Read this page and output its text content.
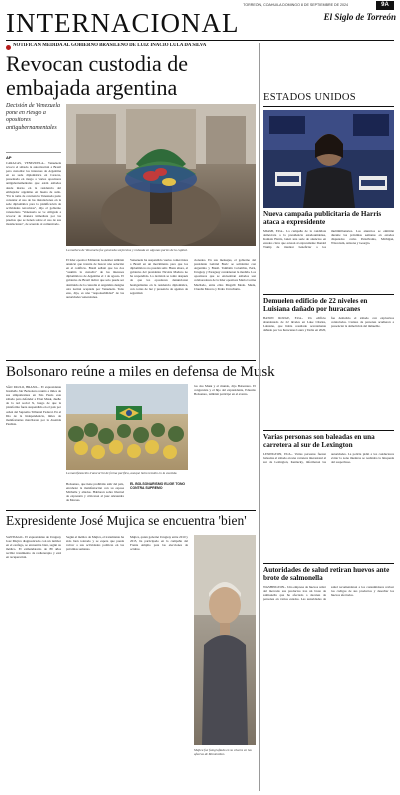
TORREÓN, COAHUILA DOMINGO 8 DE SEPTIEMBRE DE 2024	9A
INTERNACIONAL	El Siglo de Torreón
NOTIFICAN MEDIDA AL GOBIERNO BRASILEÑO DE LUIZ INACIO LULA DA SILVA
Revocan custodia de
embajada argentina
Decisión de Venezuela pone en riesgo a opositores antigubernamentales
AP
CARACAS, VENEZUELA.- Venezuela revocó el sábado la autorización a Brasil para custodiar los intereses de Argentina en su sede diplomática en Caracas, presentada en riesgo a varios opositores antigubernamentales que están asilados desde marzo en la residencia del embajador argentino en buena de asilo. "En la toma de conciencia Venezuela pudo constatar el uso de las instalaciones en la sede diplomática para la planificación de actividades terroristas", dijo el gobierno venezolano "Venezuela se ve obligada a revocar de manera inmediata por las pruebas que se tienen sobre el uso de sus instalaciones", de acuerdo al comunicado.
La muñeca de Venezuela fue generada sorpresiva y rodeada en algunas partes de la capital.
El líder opositor Edmundo González también anunció que trataría de buscar una solución en el conflicto. Brasil señaló que los dos "asumió la custodia" de los intereses diplomáticos de Argentina el 1 de agosto. El gobierno de Brasil indicó que solo puede ser destituido de la custodia si Argentina designa otra nación aceptada por Venezuela. Todo esto, dijo, es una "responsabilidad" de las autoridades venezolanas.
Venezuela ha suspendido vuelos comerciales a Brasil en un movimiento para que los diplomáticos no puedan salir. Hasta ahora, el gobierno del presidente Nicolás Maduro no ha respondido. La decisión se tomó después de que los opositores denunciaron hostigamiento en la residencia diplomática, con cortes de luz y presencia de agentes de seguridad.
cionados. En sus mensajes, el gobierno del presidente Gabriel Boric se solidarizó con Argentina y Brasil. También Colombia, Perú, Uruguay y Paraguay condenaron la medida. Los opositores que se encuentran asilados son colaboradores de la líder opositora María Corina Machado, entre ellos Magalli Meda. Meda, Claudia Macero y Pedro Urruchurtu.
Bolsonaro reúne a miles en defensa de Musk
SÃO PAULO, BRASIL.- El expresidente brasileño Jair Bolsonaro reunió a miles de sus simpatizantes en São Paulo este sábado para defender a Elon Musk, dueño de la red social X, luego de que la plataforma fuera suspendida en el país por orden del Supremo Tribunal Federal. En el Día de la Independencia, miles de manifestantes marcharon por la Avenida Paulista.
La manifestación transcurrió de forma pacífica, aunque hubo tensión en la avenida.
Bolsonaro, que tiene prohibido salir del país, encabezó la manifestación con su esposa Michelle y aliados. Hablaron sobre libertad de expresión y criticaron al juez Alexandre de Moraes.
EL BOLSONARISMO ELIGE TONO CONTRA SUPREMO
los dos Musk y el mundo, dijo Bolsonaro. El congresista y el hijo del expresidente, Eduardo Bolsonaro, también participó en el evento.
Expresidente José Mujica se encuentra 'bien'
SANTIAGO.- El expresidente de Uruguay José Mujica diagnosticado con un tumbor en el esófago, se encuentra bien, según su médico. El exmandatario de 89 años recibió tratamiento de radioterapia y está en recuperación.
Según el médico de Mujica, el tratamiento ha sido bien tolerado y se espera que pueda volver a sus actividades políticas en las próximas semanas.
Mujica, quien gobernó Uruguay entre 2010 y 2015, ha participado en la campaña del Frente Amplio para las elecciones de octubre.
Mujica fue fotografiado en su chacra en las afueras de Montevideo.
ESTADOS UNIDOS
Nueva campaña publicitaria de Harris ataca a expresidente
MIAMI, EUA.- La campaña de la candidata demócrata a la presidencia estadounidense, Kamala Harris, lanzó una serie de anuncios en estados clave que acusan al expresidente Donald Trump de intentar beneficiar a los multimillonarios. Los anuncios se emitirán durante las próximas semanas en estados disputados como Pensilvania, Michigan, Wisconsin, Arizona y Georgia.
Demuelen edificio de 22 niveles en Luisiana dañado por huracanes
BATON ROUGE, EUA.- Un edificio abandonado de 22 niveles en Lake Charles, Luisiana, que había resultado severamente dañado por los huracanes Laura y Delta en 2020, fue demolido el sábado con explosivos controlados. Cientos de personas acudieron a presenciar la demolición del inmueble.
Varias personas son baleadas en una carretera al sur de Lexington
LEXINGTON, EUA.- Varias personas fueron baleadas el sábado en una carretera interestatal al sur de Lexington, Kentucky, informaron las autoridades. La policía pidió a los conductores evitar la zona mientras se realizaba la búsqueda del sospechoso.
Autoridades de salud retiran huevos ante brote de salmonella
WASHINGTON.- Una empresa de huevos retiró del mercado sus productos tras un brote de salmonella que ha afectado a decenas de personas en varios estados. Las autoridades de salud recomendaron a los consumidores revisar los códigos de sus productos y desechar los huevos afectados.
